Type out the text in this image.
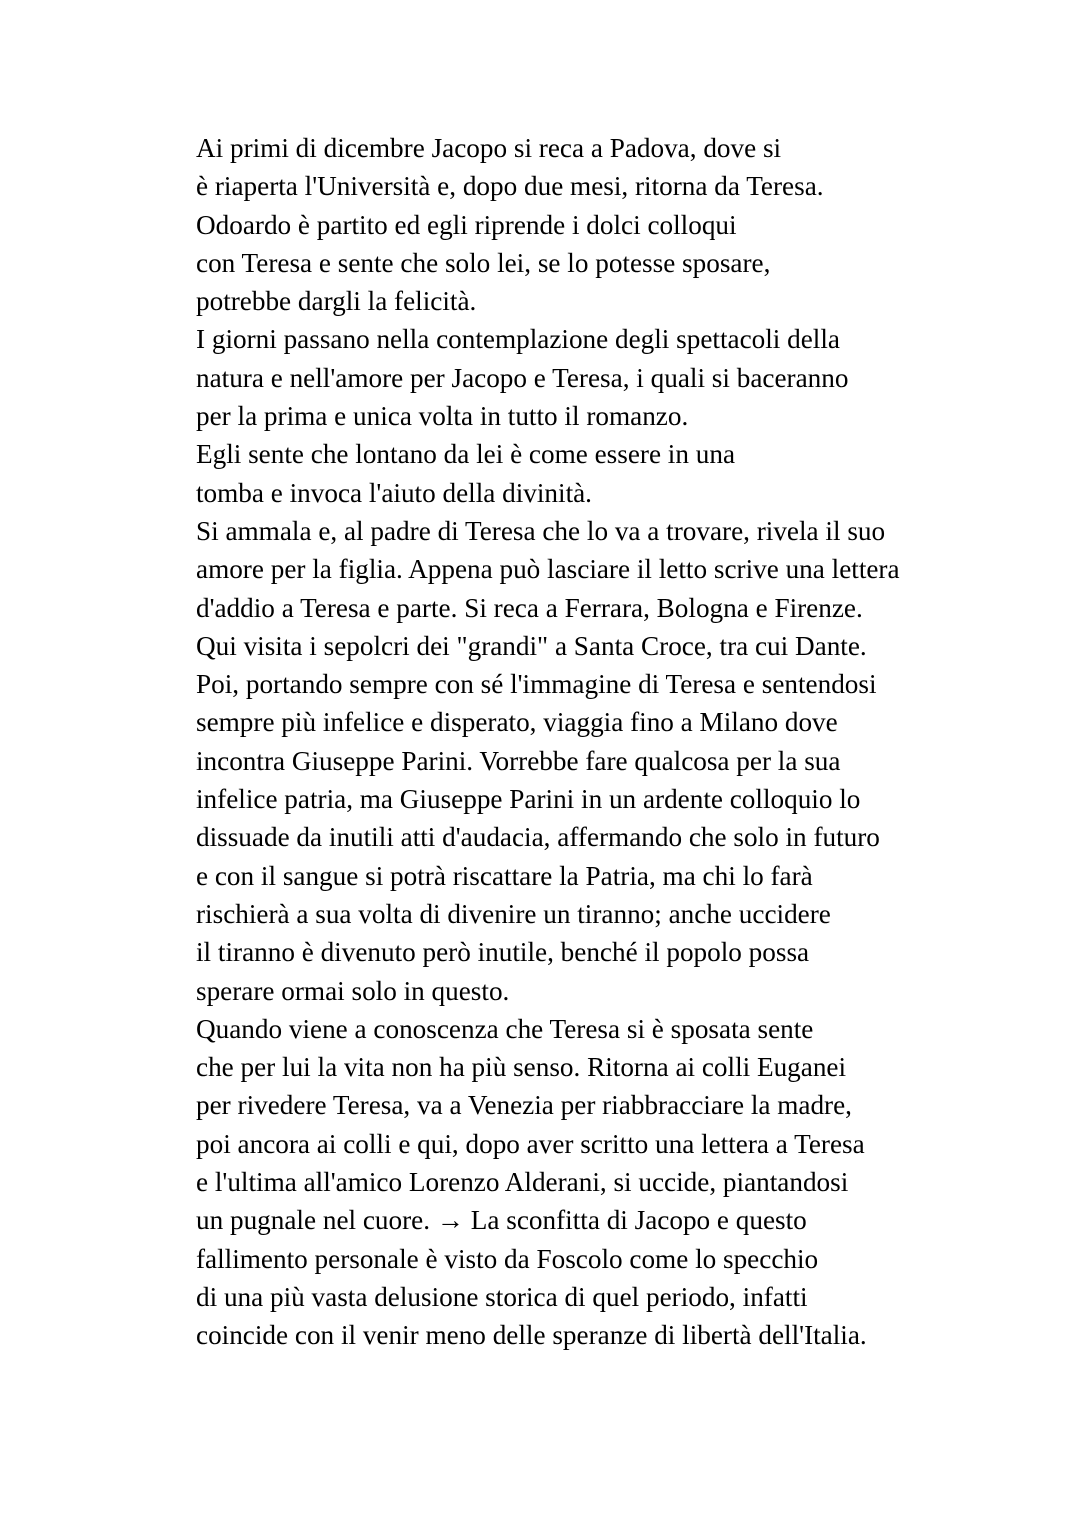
Ai primi di dicembre Jacopo si reca a Padova, dove si
è riaperta l'Università e, dopo due mesi, ritorna da Teresa.
Odoardo è partito ed egli riprende i dolci colloqui
con Teresa e sente che solo lei, se lo potesse sposare,
potrebbe dargli la felicità.
I giorni passano nella contemplazione degli spettacoli della
natura e nell'amore per Jacopo e Teresa, i quali si baceranno
per la prima e unica volta in tutto il romanzo.
Egli sente che lontano da lei è come essere in una
tomba e invoca l'aiuto della divinità.
Si ammala e, al padre di Teresa che lo va a trovare, rivela il suo
amore per la figlia. Appena può lasciare il letto scrive una lettera
d'addio a Teresa e parte. Si reca a Ferrara, Bologna e Firenze.
Qui visita i sepolcri dei "grandi" a Santa Croce, tra cui Dante.
Poi, portando sempre con sé l'immagine di Teresa e sentendosi
sempre più infelice e disperato, viaggia fino a Milano dove
incontra Giuseppe Parini. Vorrebbe fare qualcosa per la sua
infelice patria, ma Giuseppe Parini in un ardente colloquio lo
dissuade da inutili atti d'audacia, affermando che solo in futuro
e con il sangue si potrà riscattare la Patria, ma chi lo farà
rischierà a sua volta di divenire un tiranno; anche uccidere
il tiranno è divenuto però inutile, benché il popolo possa
sperare ormai solo in questo.
Quando viene a conoscenza che Teresa si è sposata sente
che per lui la vita non ha più senso. Ritorna ai colli Euganei
per rivedere Teresa, va a Venezia per riabbracciare la madre,
poi ancora ai colli e qui, dopo aver scritto una lettera a Teresa
e l'ultima all'amico Lorenzo Alderani, si uccide, piantandosi
un pugnale nel cuore. → La sconfitta di Jacopo e questo
fallimento personale è visto da Foscolo come lo specchio
di una più vasta delusione storica di quel periodo, infatti
coincide con il venir meno delle speranze di libertà dell'Italia.
